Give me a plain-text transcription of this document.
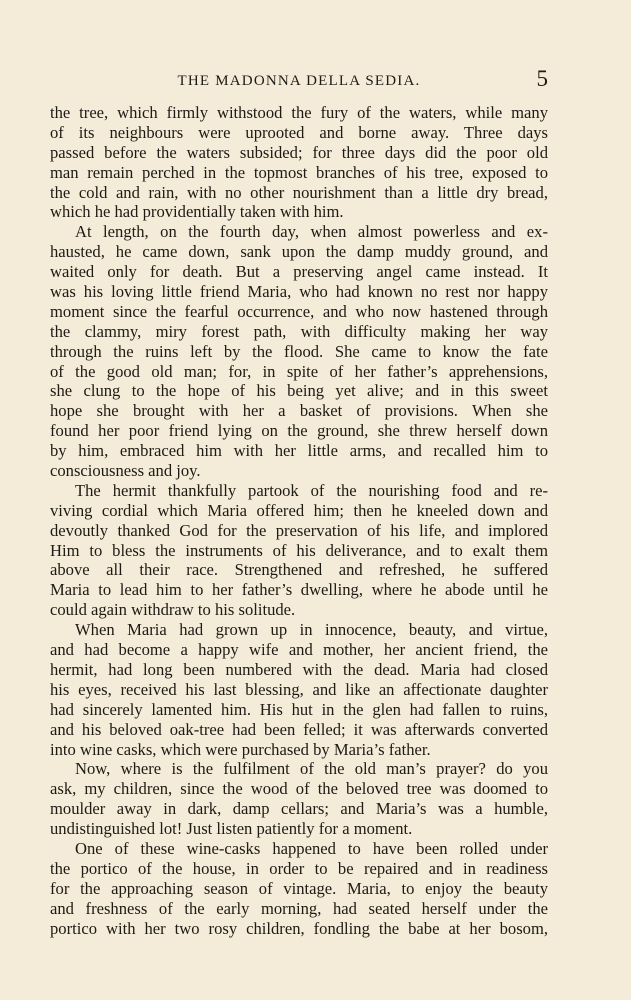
THE MADONNA DELLA SEDIA.	5
the tree, which firmly withstood the fury of the waters, while many
of its neighbours were uprooted and borne away. Three days
passed before the waters subsided; for three days did the poor old
man remain perched in the topmost branches of his tree, exposed to
the cold and rain, with no other nourishment than a little dry bread,
which he had providentially taken with him.
At length, on the fourth day, when almost powerless and ex-
hausted, he came down, sank upon the damp muddy ground, and
waited only for death. But a preserving angel came instead. It
was his loving little friend Maria, who had known no rest nor happy
moment since the fearful occurrence, and who now hastened through
the clammy, miry forest path, with difficulty making her way
through the ruins left by the flood. She came to know the fate
of the good old man; for, in spite of her father’s apprehensions,
she clung to the hope of his being yet alive; and in this sweet
hope she brought with her a basket of provisions. When she
found her poor friend lying on the ground, she threw herself down
by him, embraced him with her little arms, and recalled him to
consciousness and joy.
The hermit thankfully partook of the nourishing food and re-
viving cordial which Maria offered him; then he kneeled down and
devoutly thanked God for the preservation of his life, and implored
Him to bless the instruments of his deliverance, and to exalt them
above all their race. Strengthened and refreshed, he suffered
Maria to lead him to her father’s dwelling, where he abode until he
could again withdraw to his solitude.
When Maria had grown up in innocence, beauty, and virtue,
and had become a happy wife and mother, her ancient friend, the
hermit, had long been numbered with the dead. Maria had closed
his eyes, received his last blessing, and like an affectionate daughter
had sincerely lamented him. His hut in the glen had fallen to ruins,
and his beloved oak-tree had been felled; it was afterwards converted
into wine casks, which were purchased by Maria’s father.
Now, where is the fulfilment of the old man’s prayer? do you
ask, my children, since the wood of the beloved tree was doomed to
moulder away in dark, damp cellars; and Maria’s was a humble,
undistinguished lot! Just listen patiently for a moment.
One of these wine-casks happened to have been rolled under
the portico of the house, in order to be repaired and in readiness
for the approaching season of vintage. Maria, to enjoy the beauty
and freshness of the early morning, had seated herself under the
portico with her two rosy children, fondling the babe at her bosom,
